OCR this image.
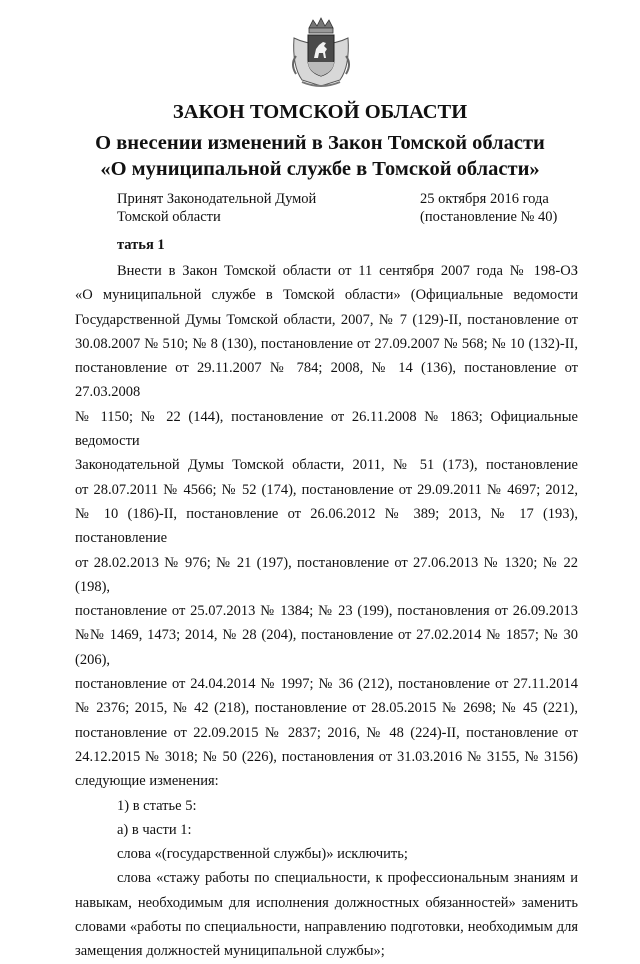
ЗАКОН ТОМСКОЙ ОБЛАСТИ
О внесении изменений в Закон Томской области
«О муниципальной службе в Томской области»
Принят Законодательной Думой
Томской области
25 октября 2016 года
(постановление № 40)
татья 1

Внести в Закон Томской области от 11 сентября 2007 года № 198-ОЗ
«О муниципальной службе в Томской области» (Официальные ведомости
Государственной Думы Томской области, 2007, № 7 (129)-II, постановление от
30.08.2007 № 510; № 8 (130), постановление от 27.09.2007 № 568; № 10 (132)-II,
постановление от 29.11.2007 № 784; 2008, № 14 (136), постановление от 27.03.2008
№ 1150; № 22 (144), постановление от 26.11.2008 № 1863; Официальные ведомости
Законодательной Думы Томской области, 2011, № 51 (173), постановление
от 28.07.2011 № 4566; № 52 (174), постановление от 29.09.2011 № 4697; 2012,
№ 10 (186)-II, постановление от 26.06.2012 № 389; 2013, № 17 (193), постановление
от 28.02.2013 № 976; № 21 (197), постановление от 27.06.2013 № 1320; № 22 (198),
постановление от 25.07.2013 № 1384; № 23 (199), постановления от 26.09.2013
№№ 1469, 1473; 2014, № 28 (204), постановление от 27.02.2014 № 1857; № 30 (206),
постановление от 24.04.2014 № 1997; № 36 (212), постановление от 27.11.2014
№ 2376; 2015, № 42 (218), постановление от 28.05.2015 № 2698; № 45 (221),
постановление от 22.09.2015 № 2837; 2016, № 48 (224)-II, постановление от
24.12.2015 № 3018; № 50 (226), постановления от 31.03.2016 № 3155, № 3156)
следующие изменения:

1) в статье 5:

а) в части 1:

слова «(государственной службы)» исключить;

слова «стажу работы по специальности, к профессиональным знаниям и
навыкам, необходимым для исполнения должностных обязанностей» заменить
словами «работы по специальности, направлению подготовки, необходимым для
замещения должностей муниципальной службы»;
